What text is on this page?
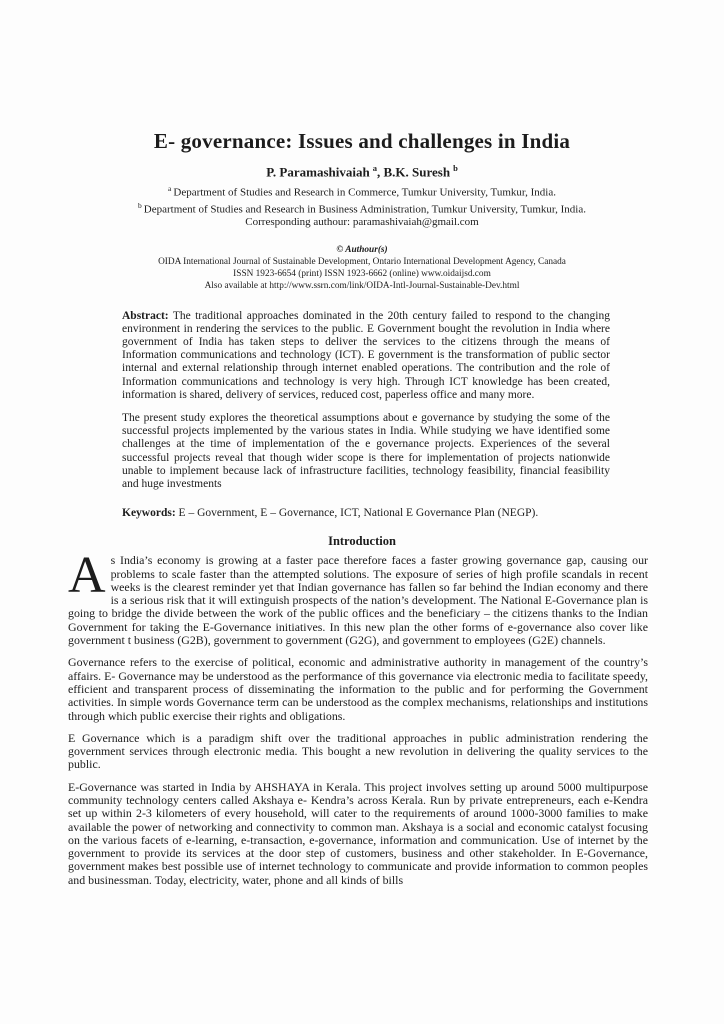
E- governance: Issues and challenges in India
P. Paramashivaiah $^a$, B.K. Suresh $^b$
$^a$ Department of Studies and Research in Commerce, Tumkur University, Tumkur, India.
$^b$ Department of Studies and Research in Business Administration, Tumkur University, Tumkur, India.
Corresponding authour: paramashivaiah@gmail.com
© Authour(s)
OIDA International Journal of Sustainable Development, Ontario International Development Agency, Canada
ISSN 1923-6654 (print) ISSN 1923-6662 (online) www.oidaijsd.com
Also available at http://www.ssrn.com/link/OIDA-Intl-Journal-Sustainable-Dev.html

Abstract: The traditional approaches dominated in the 20th century failed to respond to the changing environment in rendering the services to the public. E Government bought the revolution in India where government of India has taken steps to deliver the services to the citizens through the means of Information communications and technology (ICT). E government is the transformation of public sector internal and external relationship through internet enabled operations. The contribution and the role of Information communications and technology is very high. Through ICT knowledge has been created, information is shared, delivery of services, reduced cost, paperless office and many more.

The present study explores the theoretical assumptions about e governance by studying the some of the successful projects implemented by the various states in India. While studying we have identified some challenges at the time of implementation of the e governance projects. Experiences of the several successful projects reveal that though wider scope is there for implementation of projects nationwide unable to implement because lack of infrastructure facilities, technology feasibility, financial feasibility and huge investments

Keywords: E – Government, E – Governance, ICT, National E Governance Plan (NEGP).
Introduction

As India’s economy is growing at a faster pace therefore faces a faster growing governance gap, causing our problems to scale faster than the attempted solutions. The exposure of series of high profile scandals in recent weeks is the clearest reminder yet that Indian governance has fallen so far behind the Indian economy and there is a serious risk that it will extinguish prospects of the nation’s development. The National E-Governance plan is going to bridge the divide between the work of the public offices and the beneficiary – the citizens thanks to the Indian Government for taking the E-Governance initiatives. In this new plan the other forms of e-governance also cover like government t business (G2B), government to government (G2G), and government to employees (G2E) channels.

Governance refers to the exercise of political, economic and administrative authority in management of the country’s affairs. E- Governance may be understood as the performance of this governance via electronic media to facilitate speedy, efficient and transparent process of disseminating the information to the public and for performing the Government activities. In simple words Governance term can be understood as the complex mechanisms, relationships and institutions through which public exercise their rights and obligations.

E Governance which is a paradigm shift over the traditional approaches in public administration rendering the government services through electronic media. This bought a new revolution in delivering the quality services to the public.

E-Governance was started in India by AHSHAYA in Kerala. This project involves setting up around 5000 multipurpose community technology centers called Akshaya e- Kendra’s across Kerala. Run by private entrepreneurs, each e-Kendra set up within 2-3 kilometers of every household, will cater to the requirements of around 1000-3000 families to make available the power of networking and connectivity to common man. Akshaya is a social and economic catalyst focusing on the various facets of e-learning, e-transaction, e-governance, information and communication. Use of internet by the government to provide its services at the door step of customers, business and other stakeholder. In E-Governance, government makes best possible use of internet technology to communicate and provide information to common peoples and businessman. Today, electricity, water, phone and all kinds of bills
